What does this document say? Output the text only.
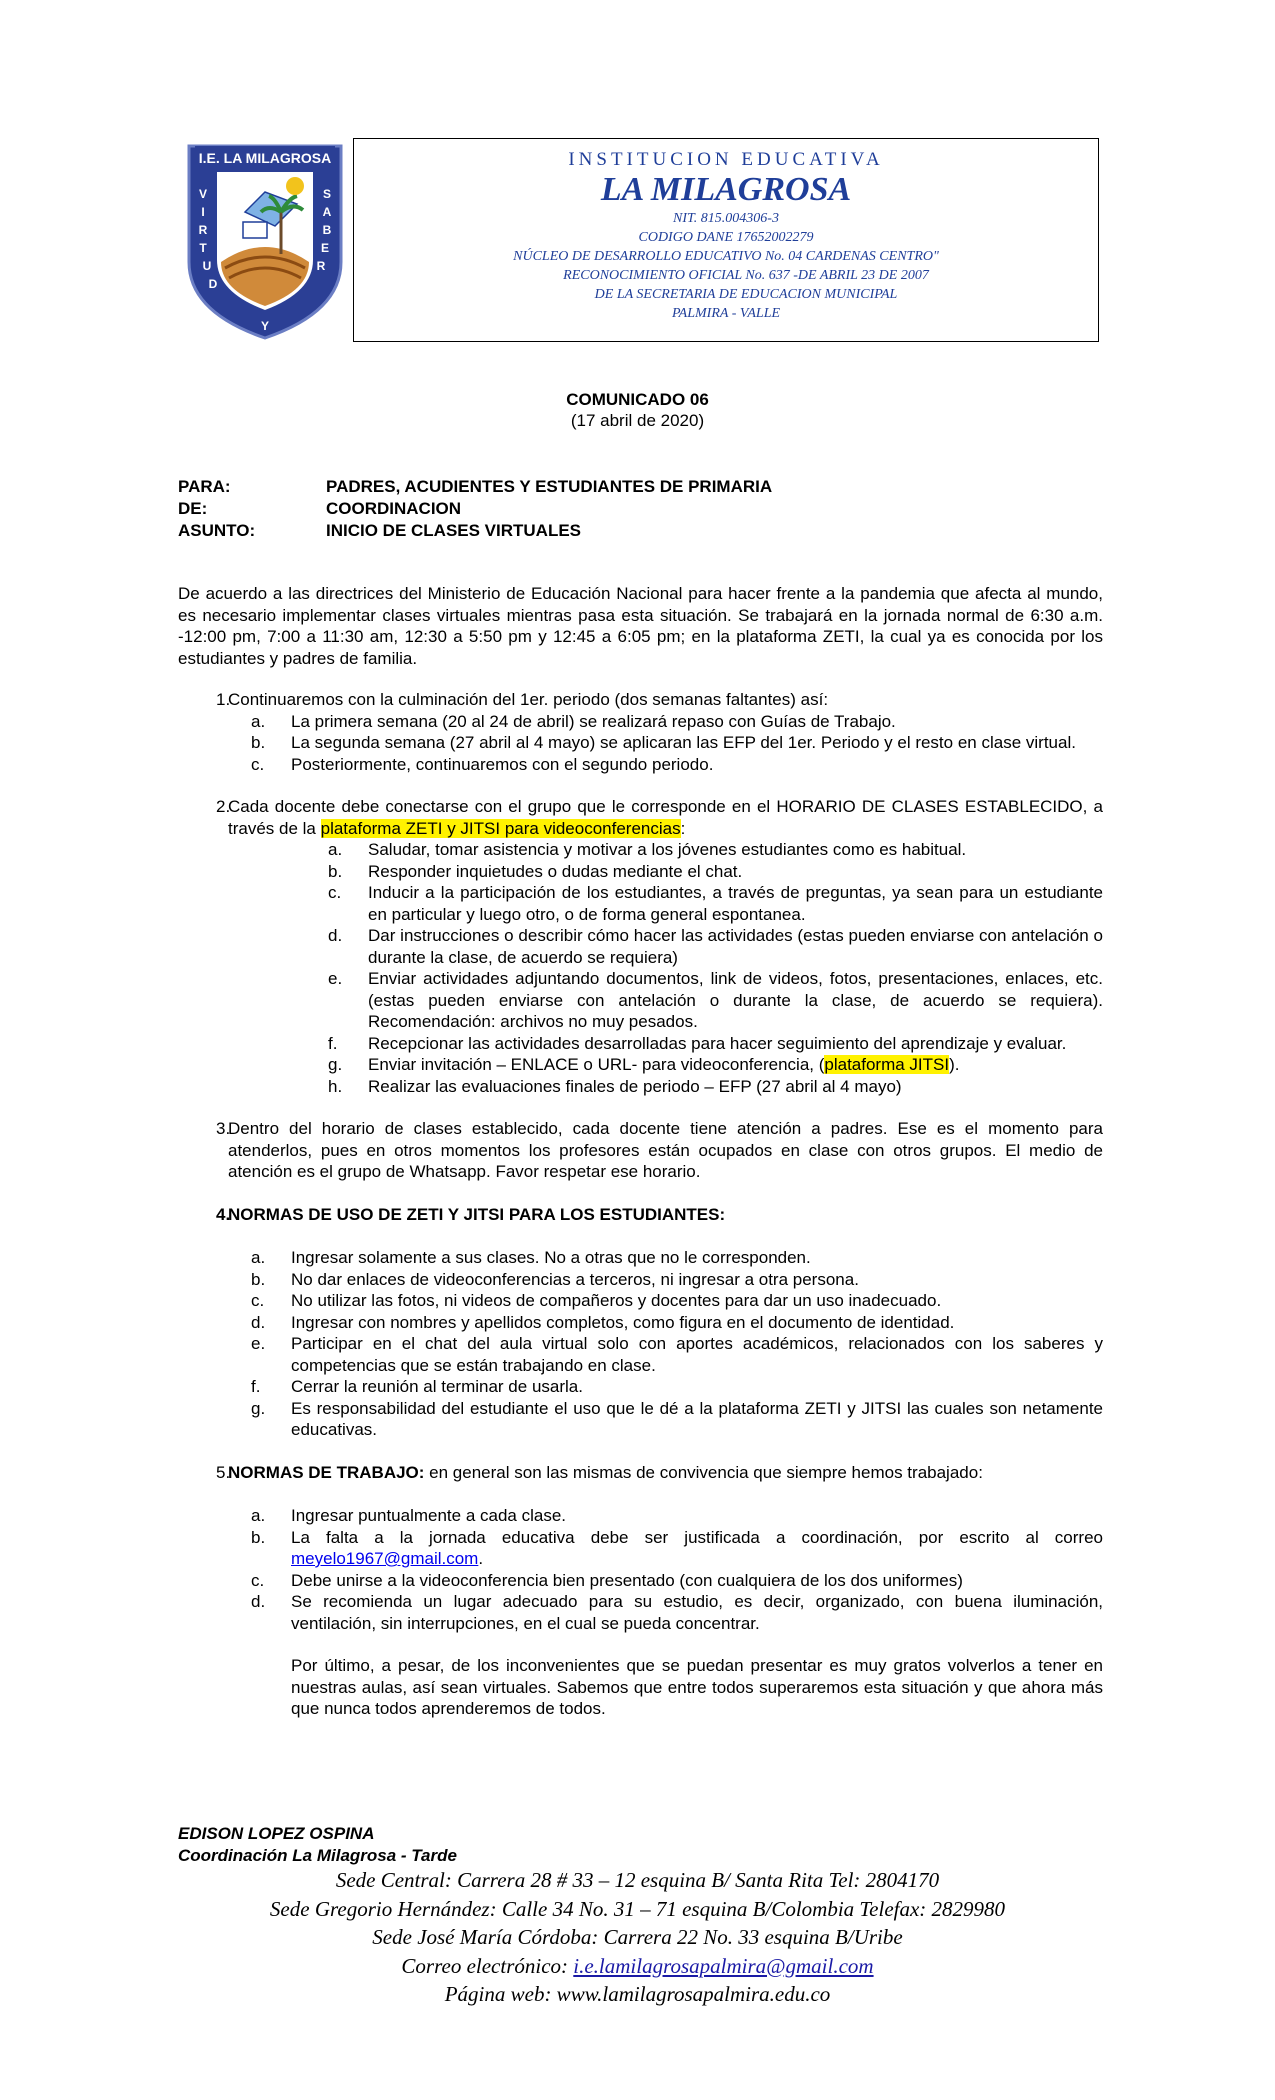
I.E. LA MILAGROSA
V
I
R
T
U
D
S
A
B
E
R
Y
INSTITUCION EDUCATIVA
LA MILAGROSA
NIT. 815.004306-3
CODIGO DANE 17652002279
NÚCLEO DE DESARROLLO EDUCATIVO No. 04 CARDENAS CENTRO"
RECONOCIMIENTO OFICIAL No. 637 -DE ABRIL 23 DE 2007
DE LA SECRETARIA DE EDUCACION MUNICIPAL
PALMIRA - VALLE
COMUNICADO 06
(17 abril de 2020)
PARA:	PADRES, ACUDIENTES Y ESTUDIANTES DE PRIMARIA
DE:	COORDINACION
ASUNTO:	INICIO DE CLASES VIRTUALES

De acuerdo a las directrices del Ministerio de Educación Nacional para hacer frente a la pandemia que afecta al mundo, es necesario implementar clases virtuales mientras pasa esta situación. Se trabajará en la jornada normal de 6:30 a.m. -12:00 pm, 7:00 a 11:30 am, 12:30 a 5:50 pm y 12:45 a 6:05 pm; en la plataforma ZETI, la cual ya es conocida por los estudiantes y padres de familia.

1.
Continuaremos con la culminación del 1er. periodo (dos semanas faltantes) así:
a.	La primera semana (20 al 24 de abril) se realizará repaso con Guías de Trabajo.
b.	La segunda semana (27 abril al 4 mayo) se aplicaran las EFP del 1er. Periodo y el resto en clase virtual.
c.	Posteriormente, continuaremos con el segundo periodo.
2.
Cada docente debe conectarse con el grupo que le corresponde en el HORARIO DE CLASES ESTABLECIDO, a través de la plataforma ZETI y JITSI para videoconferencias:
a.	Saludar, tomar asistencia y motivar a los jóvenes estudiantes como es habitual.
b.	Responder inquietudes o dudas mediante el chat.
c.	Inducir a la participación de los estudiantes, a través de preguntas, ya sean para un estudiante en particular y luego otro, o de forma general espontanea.
d.	Dar instrucciones o describir cómo hacer las actividades (estas pueden enviarse con antelación o durante la clase, de acuerdo se requiera)
e.	Enviar actividades adjuntando documentos, link de videos, fotos, presentaciones, enlaces, etc. (estas pueden enviarse con antelación o durante la clase, de acuerdo se requiera). Recomendación: archivos no muy pesados.
f.	Recepcionar las actividades desarrolladas para hacer seguimiento del aprendizaje y evaluar.
g.	Enviar invitación – ENLACE o URL- para videoconferencia, (plataforma JITSI).
h.	Realizar las evaluaciones finales de periodo – EFP (27 abril al 4 mayo)
3.
Dentro del horario de clases establecido, cada docente tiene atención a padres. Ese es el momento para atenderlos, pues en otros momentos los profesores están ocupados en clase con otros grupos. El medio de atención es el grupo de Whatsapp. Favor respetar ese horario.
4.
NORMAS DE USO DE ZETI Y JITSI PARA LOS ESTUDIANTES:
a.	Ingresar solamente a sus clases. No a otras que no le corresponden.
b.	No dar enlaces de videoconferencias a terceros, ni ingresar a otra persona.
c.	No utilizar las fotos, ni videos de compañeros y docentes para dar un uso inadecuado.
d.	Ingresar con nombres y apellidos completos, como figura en el documento de identidad.
e.	Participar en el chat del aula virtual solo con aportes académicos, relacionados con los saberes y competencias que se están trabajando en clase.
f.	Cerrar la reunión al terminar de usarla.
g.	Es responsabilidad del estudiante el uso que le dé a la plataforma ZETI y JITSI las cuales son netamente educativas.
5.
NORMAS DE TRABAJO: en general son las mismas de convivencia que siempre hemos trabajado:
a.	Ingresar puntualmente a cada clase.
b.	La falta a la jornada educativa debe ser justificada a coordinación, por escrito al correo meyelo1967@gmail.com.
c.	Debe unirse a la videoconferencia bien presentado (con cualquiera de los dos uniformes)
d.	Se recomienda un lugar adecuado para su estudio, es decir, organizado, con buena iluminación, ventilación, sin interrupciones, en el cual se pueda concentrar.
Por último, a pesar, de los inconvenientes que se puedan presentar es muy gratos volverlos a tener en nuestras aulas, así sean virtuales. Sabemos que entre todos superaremos esta situación y que ahora más que nunca todos aprenderemos de todos.
EDISON LOPEZ OSPINA
Coordinación La Milagrosa - Tarde
Sede Central: Carrera 28 # 33 – 12 esquina B/ Santa Rita Tel: 2804170
Sede Gregorio Hernández: Calle 34 No. 31 – 71 esquina B/Colombia Telefax: 2829980
Sede José María Córdoba: Carrera 22 No. 33 esquina B/Uribe
Correo electrónico: i.e.lamilagrosapalmira@gmail.com
Página web: www.lamilagrosapalmira.edu.co
